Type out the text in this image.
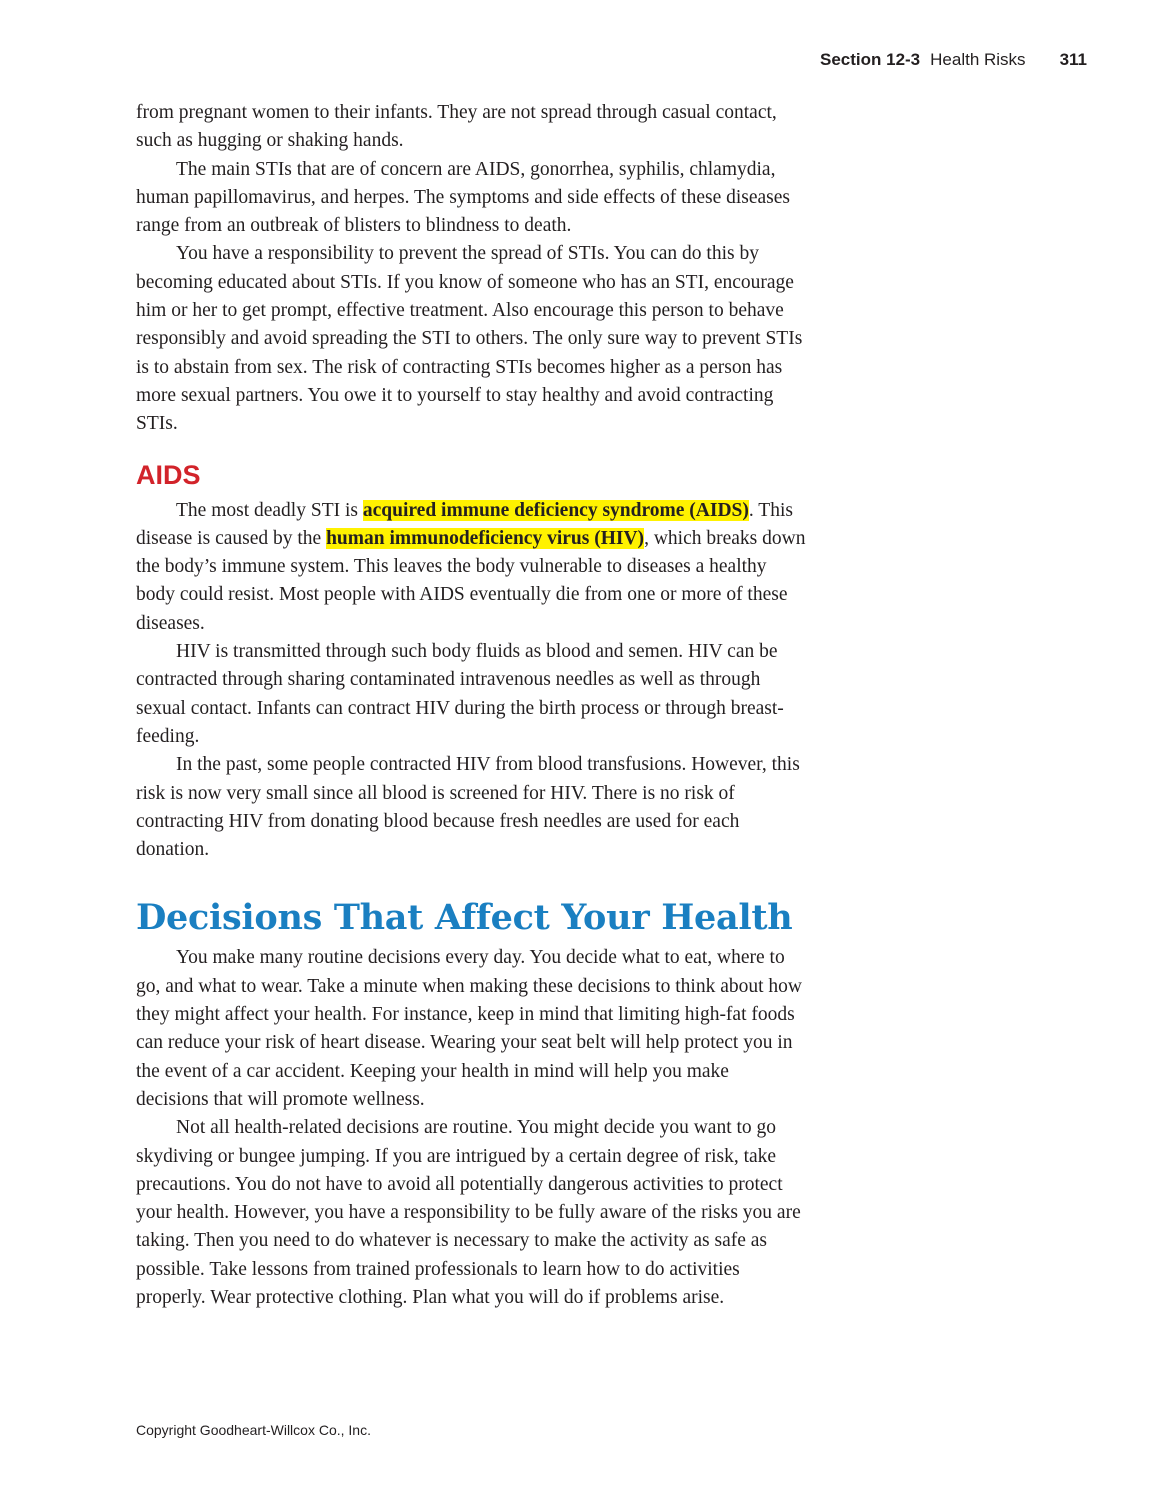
Section 12-3 Health Risks 311

from pregnant women to their infants. They are not spread through casual contact, such as hugging or shaking hands.

The main STIs that are of concern are AIDS, gonorrhea, syphilis, chlamydia, human papillomavirus, and herpes. The symptoms and side effects of these diseases range from an outbreak of blisters to blindness to death.

You have a responsibility to prevent the spread of STIs. You can do this by becoming educated about STIs. If you know of someone who has an STI, encourage him or her to get prompt, effective treatment. Also encourage this person to behave responsibly and avoid spreading the STI to others. The only sure way to prevent STIs is to abstain from sex. The risk of contracting STIs becomes higher as a person has more sexual partners. You owe it to yourself to stay healthy and avoid contracting STIs.

AIDS

The most deadly STI is acquired immune deficiency syndrome (AIDS). This disease is caused by the human immunodeficiency virus (HIV), which breaks down the body’s immune system. This leaves the body vulnerable to diseases a healthy body could resist. Most people with AIDS eventually die from one or more of these diseases.

HIV is transmitted through such body fluids as blood and semen. HIV can be contracted through sharing contaminated intravenous needles as well as through sexual contact. Infants can contract HIV during the birth process or through breast-feeding.

In the past, some people contracted HIV from blood transfusions. However, this risk is now very small since all blood is screened for HIV. There is no risk of contracting HIV from donating blood because fresh needles are used for each donation.

Decisions That Affect Your Health

You make many routine decisions every day. You decide what to eat, where to go, and what to wear. Take a minute when making these decisions to think about how they might affect your health. For instance, keep in mind that limiting high-fat foods can reduce your risk of heart disease. Wearing your seat belt will help protect you in the event of a car accident. Keeping your health in mind will help you make decisions that will promote wellness.

Not all health-related decisions are routine. You might decide you want to go skydiving or bungee jumping. If you are intrigued by a certain degree of risk, take precautions. You do not have to avoid all potentially dangerous activities to protect your health. However, you have a responsibility to be fully aware of the risks you are taking. Then you need to do whatever is necessary to make the activity as safe as possible. Take lessons from trained professionals to learn how to do activities properly. Wear protective clothing. Plan what you will do if problems arise.

Copyright Goodheart-Willcox Co., Inc.
